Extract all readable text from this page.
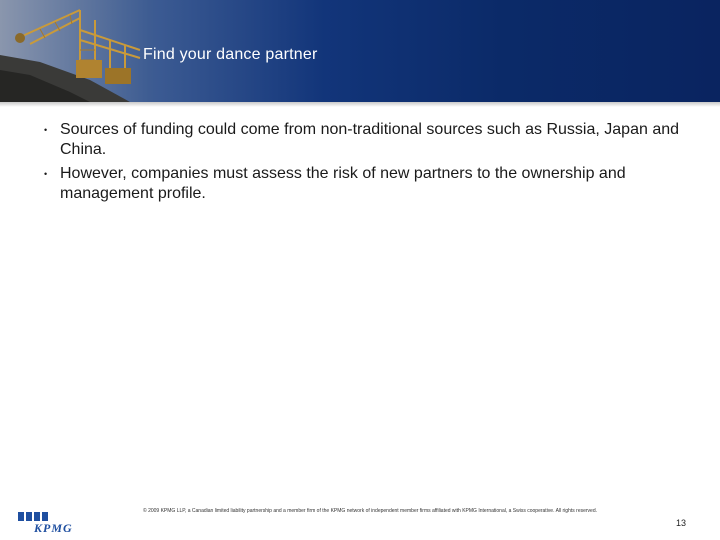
Find your dance partner
• Sources of funding could come from non-traditional sources such as Russia, Japan and China.
• However, companies must assess the risk of new partners to the ownership and management profile.
KPMG
© 2009 KPMG LLP, a Canadian limited liability partnership and a member firm of the KPMG network of independent member firms affiliated with KPMG International, a Swiss cooperative. All rights reserved.
13
